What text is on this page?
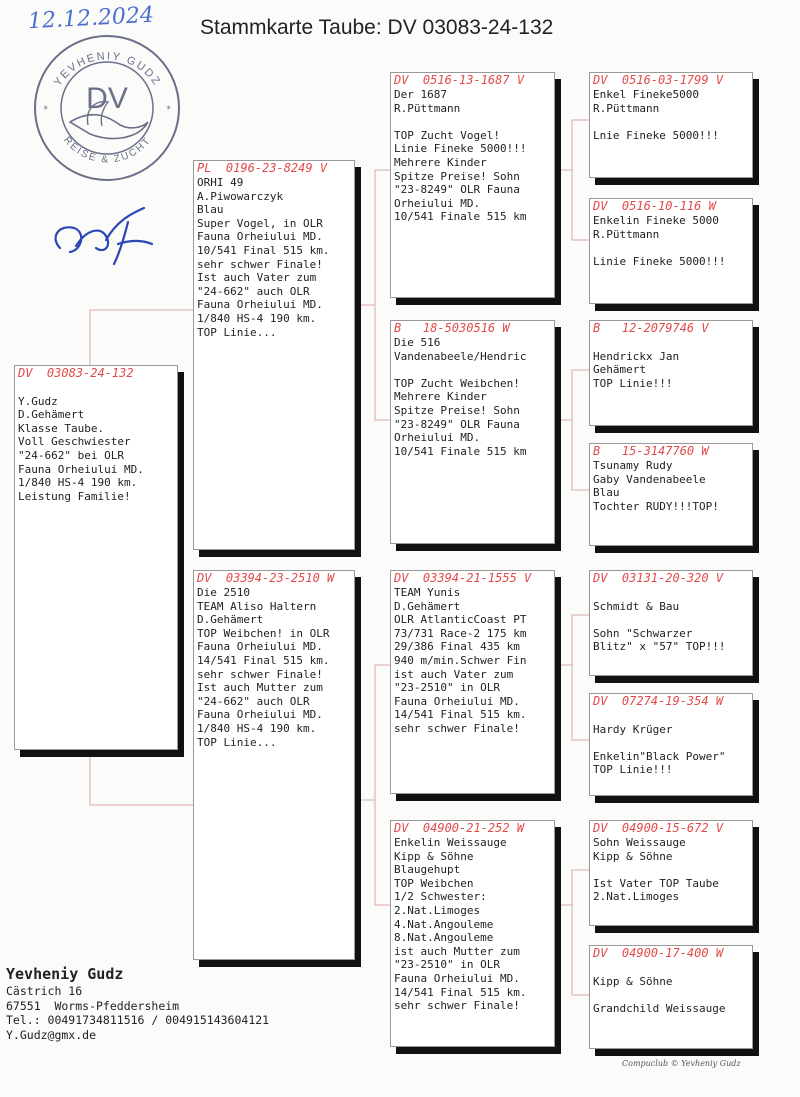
12.12.2024 Stammkarte Taube: DV 03083-24-132
YEVHENIY GUDZ
REISE & ZUCHT
DV
*	*
DV  03083-24-132

Y.Gudz
D.Gehämert
Klasse Taube.
Voll Geschwiester
"24-662" bei OLR
Fauna Orheiului MD.
1/840 HS-4 190 km.
Leistung Familie!
PL  0196-23-8249 V
ORHI 49
A.Piwowarczyk
Blau
Super Vogel, in OLR
Fauna Orheiului MD.
10/541 Final 515 km.
sehr schwer Finale!
Ist auch Vater zum
"24-662" auch OLR
Fauna Orheiului MD.
1/840 HS-4 190 km.
TOP Linie...
DV  03394-23-2510 W
Die 2510
TEAM Aliso Haltern
D.Gehämert
TOP Weibchen! in OLR
Fauna Orheiului MD.
14/541 Final 515 km.
sehr schwer Finale!
Ist auch Mutter zum
"24-662" auch OLR
Fauna Orheiului MD.
1/840 HS-4 190 km.
TOP Linie...
DV  0516-13-1687 V
Der 1687
R.Püttmann

TOP Zucht Vogel!
Linie Fineke 5000!!!
Mehrere Kinder
Spitze Preise! Sohn
"23-8249" OLR Fauna
Orheiului MD.
10/541 Finale 515 km
B   18-5030516 W
Die 516
Vandenabeele/Hendric

TOP Zucht Weibchen!
Mehrere Kinder
Spitze Preise! Sohn
"23-8249" OLR Fauna
Orheiului MD.
10/541 Finale 515 km
DV  03394-21-1555 V
TEAM Yunis
D.Gehämert
OLR AtlanticCoast PT
73/731 Race-2 175 km
29/386 Final 435 km
940 m/min.Schwer Fin
ist auch Vater zum
"23-2510" in OLR
Fauna Orheiului MD.
14/541 Final 515 km.
sehr schwer Finale!
DV  04900-21-252 W
Enkelin Weissauge
Kipp & Söhne
Blaugehupt
TOP Weibchen
1/2 Schwester:
2.Nat.Limoges
4.Nat.Angouleme
8.Nat.Angouleme
ist auch Mutter zum
"23-2510" in OLR
Fauna Orheiului MD.
14/541 Final 515 km.
sehr schwer Finale!
DV  0516-03-1799 V
Enkel Fineke5000
R.Püttmann

Lnie Fineke 5000!!!
DV  0516-10-116 W
Enkelin Fineke 5000
R.Püttmann

Linie Fineke 5000!!!
B   12-2079746 V

Hendrickx Jan
Gehämert
TOP Linie!!!
B   15-3147760 W
Tsunamy Rudy
Gaby Vandenabeele
Blau
Tochter RUDY!!!TOP!
DV  03131-20-320 V

Schmidt & Bau

Sohn "Schwarzer
Blitz" x "57" TOP!!!
DV  07274-19-354 W

Hardy Krüger

Enkelin"Black Power"
TOP Linie!!!
DV  04900-15-672 V
Sohn Weissauge
Kipp & Söhne

Ist Vater TOP Taube
2.Nat.Limoges
DV  04900-17-400 W

Kipp & Söhne

Grandchild Weissauge
Yevheniy Gudz
Cästrich 16
67551  Worms-Pfeddersheim
Tel.: 00491734811516 / 004915143604121
Y.Gudz@gmx.de
Compuclub © Yevheniy Gudz
